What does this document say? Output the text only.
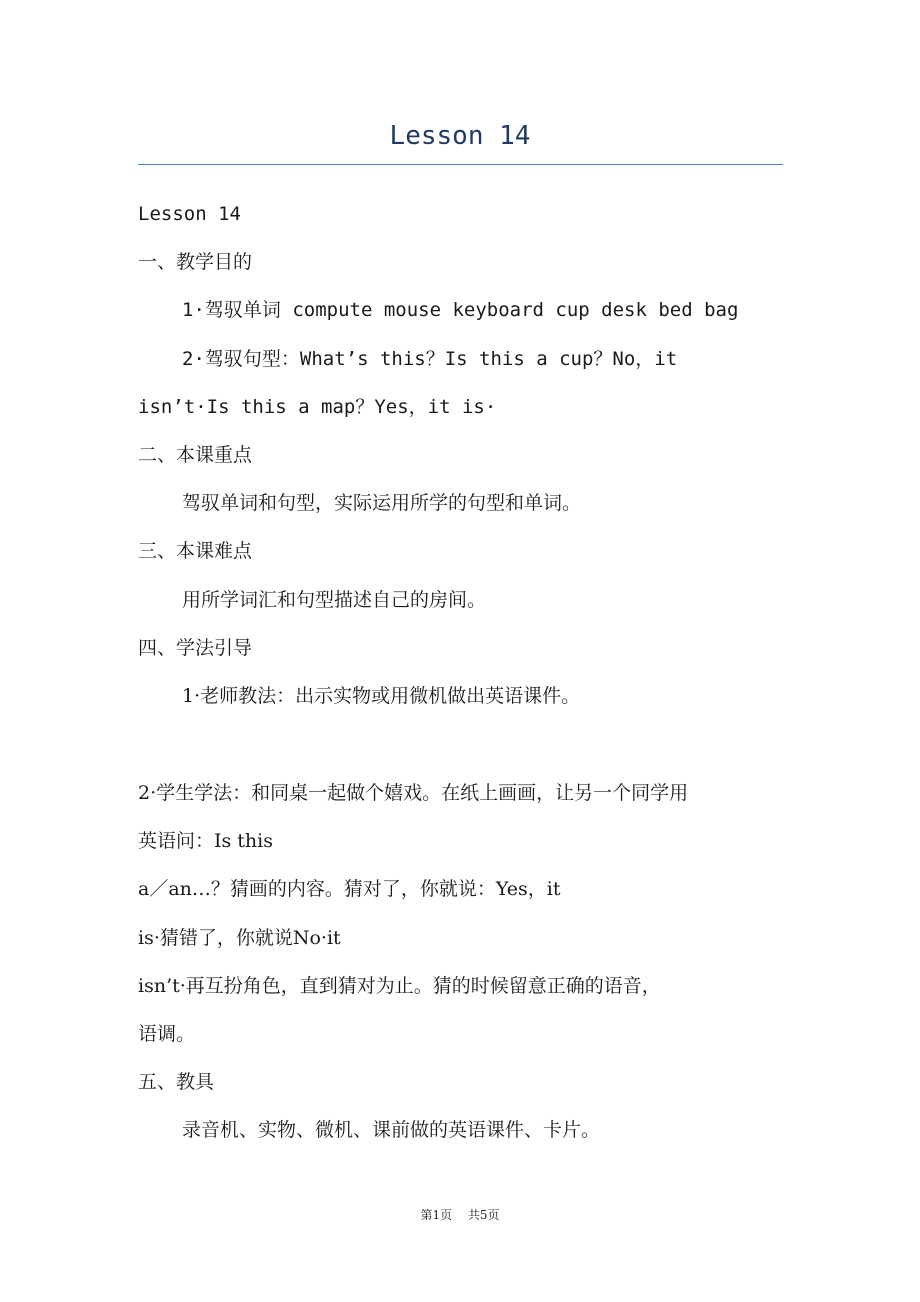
Lesson 14
Lesson 14
一、教学目的
1·驾驭单词 compute mouse keyboard cup desk bed bag
2·驾驭句型：What’s this？Is this a cup？No，it
isn’t·Is this a map？Yes，it is·
二、本课重点
驾驭单词和句型，实际运用所学的句型和单词。
三、本课难点
用所学词汇和句型描述自己的房间。
四、学法引导
1·老师教法：出示实物或用微机做出英语课件。
2·学生学法：和同桌一起做个嬉戏。在纸上画画，让另一个同学用
英语问：Is this
a／an…？猜画的内容。猜对了，你就说：Yes，it
is·猜错了，你就说No·it
isn’t·再互扮角色，直到猜对为止。猜的时候留意正确的语音，
语调。
五、教具
录音机、实物、微机、课前做的英语课件、卡片。
第1页 共5页
